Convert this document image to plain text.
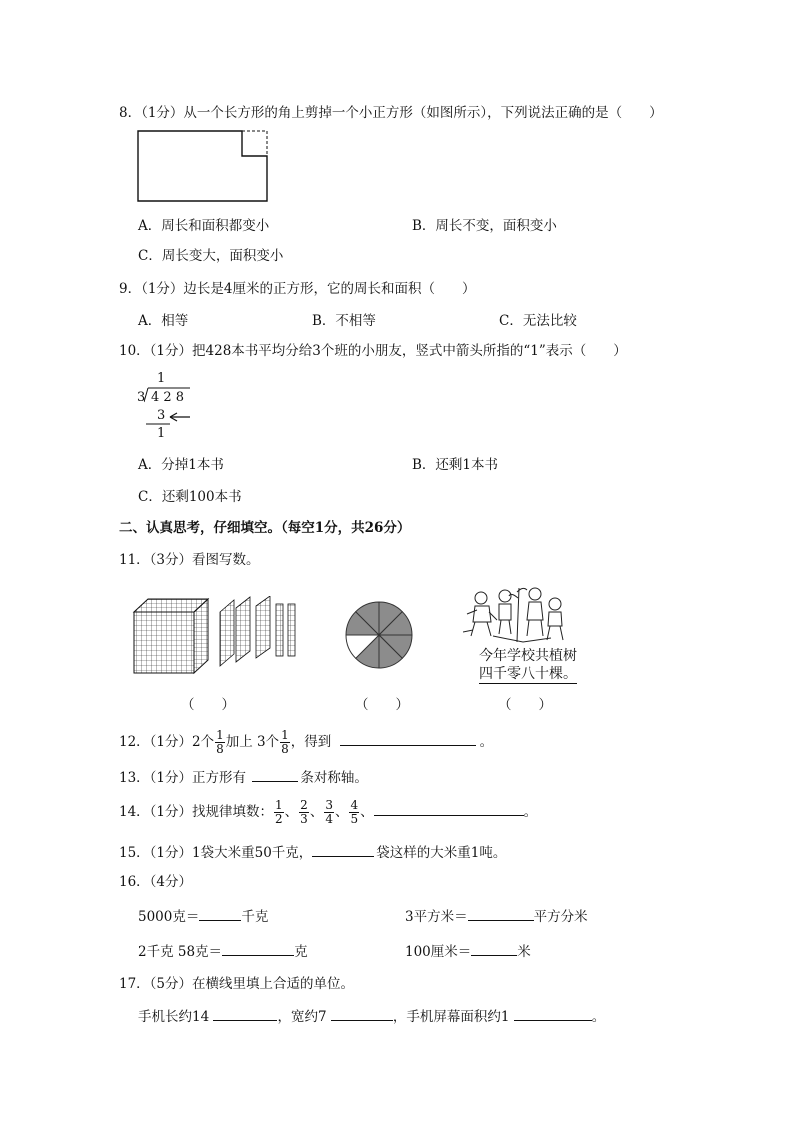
8．（1分）从一个长方形的角上剪掉一个小正方形（如图所示），下列说法正确的是（　　）
A．周长和面积都变小	B．周长不变，面积变小
C．周长变大，面积变小
9．（1分）边长是4厘米的正方形，它的周长和面积（　　）
A．相等	B．不相等	C．无法比较
10．（1分）把428本书平均分给3个班的小朋友，竖式中箭头所指的“1”表示（　　）
1
3 4 2 8
3
1
A．分掉1本书	B．还剩1本书
C．还剩100本书
二、认真思考，仔细填空。（每空1分，共26分）
11．（3分）看图写数。
今年学校共植树
四千零八十棵。
（　　）	（　　）	（　　）
12．（1分）2个 $\frac{1}{8}$ 加上 3个 $\frac{1}{8}$ ，得到	。
13．（1分）正方形有	条对称轴。
14．（1分）找规律填数： $\frac{1}{2}$ 、 $\frac{2}{3}$ 、 $\frac{3}{4}$ 、 $\frac{4}{5}$ 、	。
15．（1分）1袋大米重50千克，	袋这样的大米重1吨。
16．（4分）
5000克＝	千克	3平方米＝	平方分米
2千克 58克＝	克	100厘米＝	米
17．（5分）在横线里填上合适的单位。
手机长约14	，宽约7	，手机屏幕面积约1	。
